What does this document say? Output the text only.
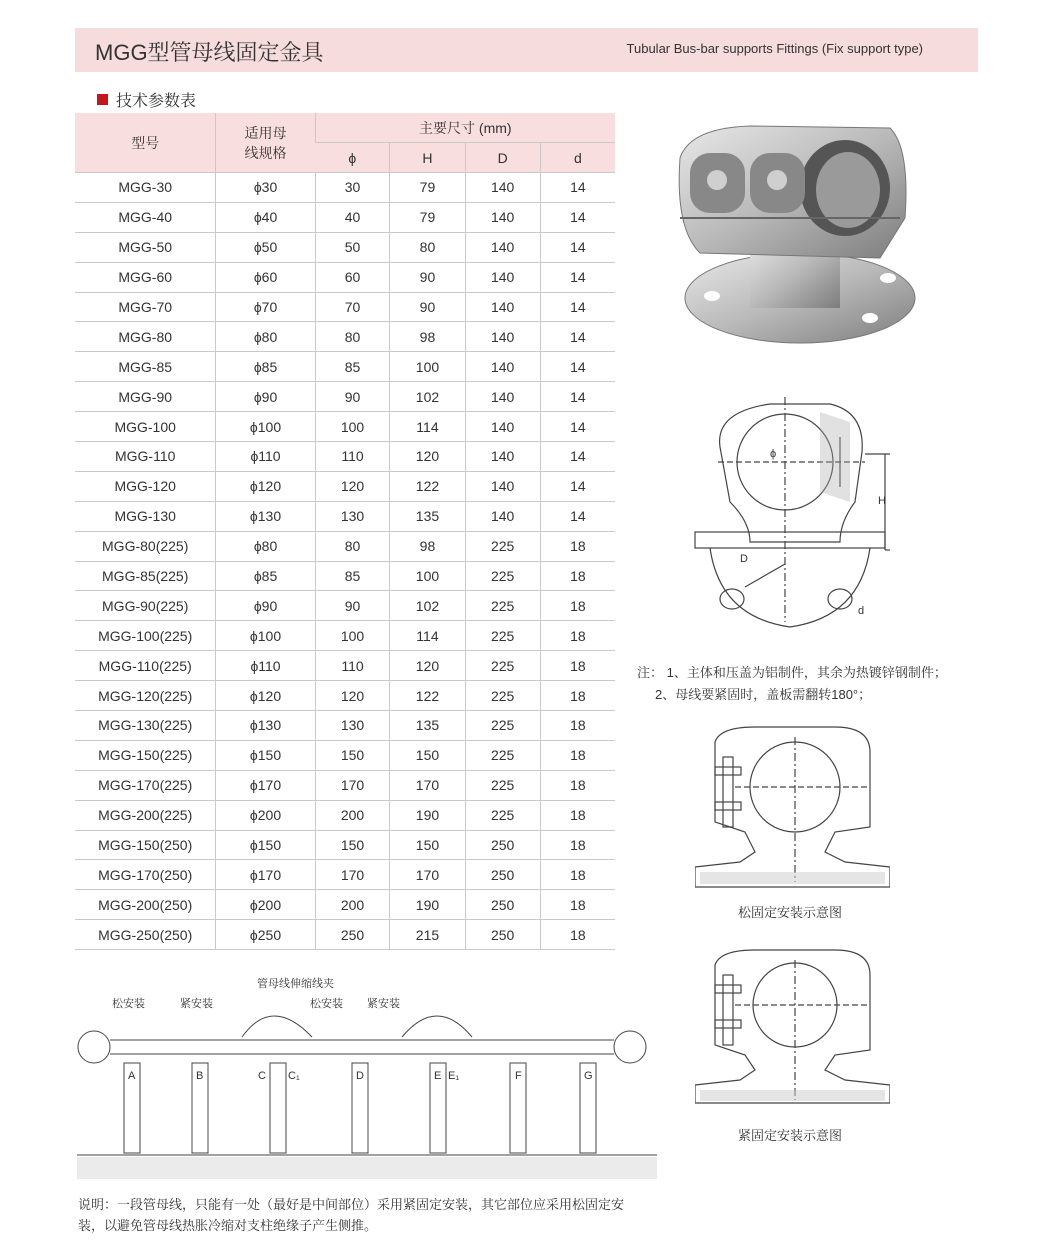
MGG型管母线固定金具	Tubular Bus-bar supports Fittings (Fix support type)
技术参数表
型号	适用母线规格	主要尺寸 (mm)			
		ϕ	H	D	d
MGG-30	ϕ30	30	79	140	14
MGG-40	ϕ40	40	79	140	14
MGG-50	ϕ50	50	80	140	14
MGG-60	ϕ60	60	90	140	14
MGG-70	ϕ70	70	90	140	14
MGG-80	ϕ80	80	98	140	14
MGG-85	ϕ85	85	100	140	14
MGG-90	ϕ90	90	102	140	14
MGG-100	ϕ100	100	114	140	14
MGG-110	ϕ110	110	120	140	14
MGG-120	ϕ120	120	122	140	14
MGG-130	ϕ130	130	135	140	14
MGG-80(225)	ϕ80	80	98	225	18
MGG-85(225)	ϕ85	85	100	225	18
MGG-90(225)	ϕ90	90	102	225	18
MGG-100(225)	ϕ100	100	114	225	18
MGG-110(225)	ϕ110	110	120	225	18
MGG-120(225)	ϕ120	120	122	225	18
MGG-130(225)	ϕ130	130	135	225	18
MGG-150(225)	ϕ150	150	150	225	18
MGG-170(225)	ϕ170	170	170	225	18
MGG-200(225)	ϕ200	200	190	225	18
MGG-150(250)	ϕ150	150	150	250	18
MGG-170(250)	ϕ170	170	170	250	18
MGG-200(250)	ϕ200	200	190	250	18
MGG-250(250)	ϕ250	250	215	250	18
ϕ
H
D
d
注： 1、主体和压盖为铝制件，其余为热镀锌钢制件；
2、母线要紧固时，盖板需翻转180°；
松固定安装示意图
紧固定安装示意图
管母线伸缩线夹
松安装	紧安装	松安装 紧安装
A	B	C C₁	D	E E₁	F	G
说明：一段管母线，只能有一处（最好是中间部位）采用紧固定安装，其它部位应采用松固定安装，以避免管母线热胀冷缩对支柱绝缘子产生侧推。
